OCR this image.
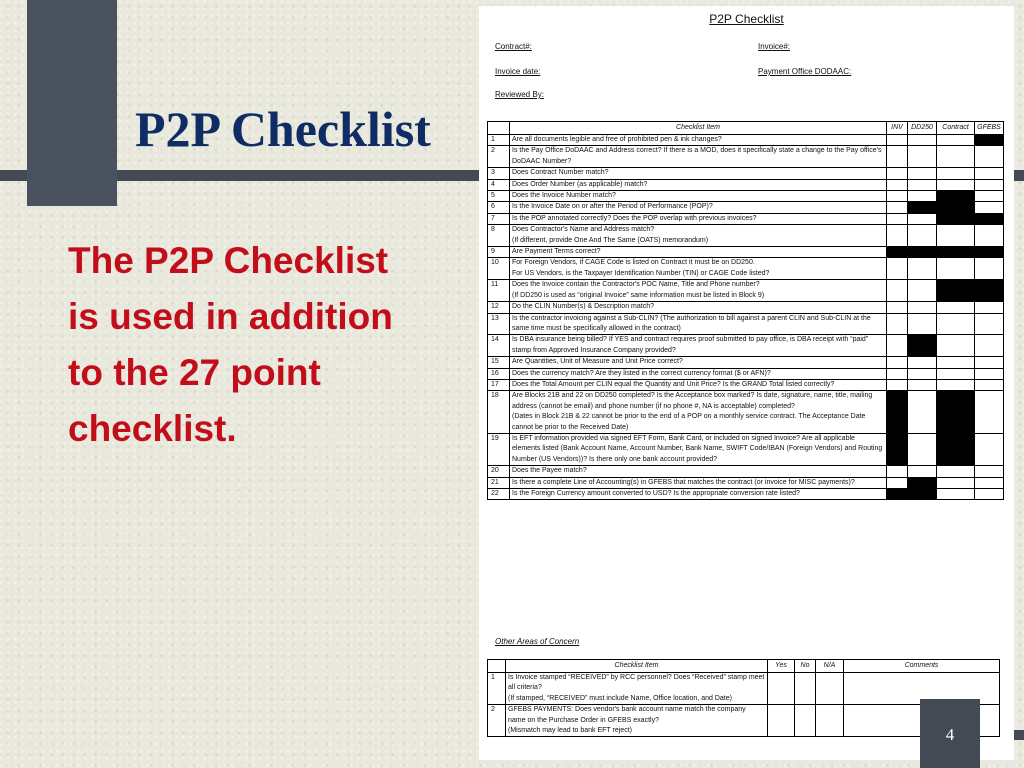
P2P Checklist
The P2P Checklist is used in addition to the 27 point checklist.
P2P Checklist
Contract#:	Invoice#:
Invoice date:	Payment Office DODAAC:
Reviewed By:
	Checklist Item	INV	DD250	Contract	GFEBS
1	Are all documents legible and free of prohibited pen & ink changes?				
2	Is the Pay Office DoDAAC and Address correct? If there is a MOD, does it specifically state a change to the Pay office's DoDAAC Number?				
3	Does Contract Number match?				
4	Does Order Number (as applicable) match?				
5	Does the Invoice Number match?				
6	Is the Invoice Date on or after the Period of Performance (POP)?				
7	Is the POP annotated correctly? Does the POP overlap with previous invoices?				
8	Does Contractor's Name and Address match?
(If different, provide One And The Same (OATS) memorandum)				
9	Are Payment Terms correct?				
10	For Foreign Vendors, if CAGE Code is listed on Contract it must be on DD250.
For US Vendors, is the Taxpayer Identification Number (TIN) or CAGE Code listed?				
11	Does the Invoice contain the Contractor's POC Name, Title and Phone number?
(If DD250 is used as “original Invoice” same information must be listed in Block 9)				
12	Do the CLIN Number(s) & Description match?				
13	Is the contractor invoicing against a Sub-CLIN? (The authorization to bill against a parent CLIN and Sub-CLIN at the same time must be specifically allowed in the contract)				
14	Is DBA insurance being billed? If YES and contract requires proof submitted to pay office, is DBA receipt with “paid” stamp from Approved Insurance Company provided?				
15	Are Quantities, Unit of Measure and Unit Price correct?				
16	Does the currency match? Are they listed in the correct currency format ($ or AFN)?				
17	Does the Total Amount per CLIN equal the Quantity and Unit Price? Is the GRAND Total listed correctly?				
18	Are Blocks 21B and 22 on DD250 completed? Is the Acceptance box marked? Is date, signature, name, title, mailing address (cannot be email) and phone number (if no phone #, NA is acceptable) completed?
(Dates in Block 21B & 22 cannot be prior to the end of a POP on a monthly service contract. The Acceptance Date cannot be prior to the Received Date)				
19	Is EFT information provided via signed EFT Form, Bank Card, or included on signed Invoice? Are all applicable elements listed (Bank Account Name, Account Number, Bank Name, SWIFT Code/IBAN (Foreign Vendors) and Routing Number (US Vendors))? Is there only one bank account provided?				
20	Does the Payee match?				
21	Is there a complete Line of Accounting(s) in GFEBS that matches the contract (or invoice for MISC payments)?				
22	Is the Foreign Currency amount converted to USD? Is the appropriate conversion rate listed?				
Other Areas of Concern
	Checklist Item	Yes	No	N/A	Comments
1	Is Invoice stamped “RECEIVED” by RCC personnel? Does “Received” stamp meet all criteria?
(If stamped, “RECEIVED” must include Name, Office location, and Date)				
2	GFEBS PAYMENTS: Does vendor's bank account name match the company name on the Purchase Order in GFEBS exactly?
(Mismatch may lead to bank EFT reject)					4
